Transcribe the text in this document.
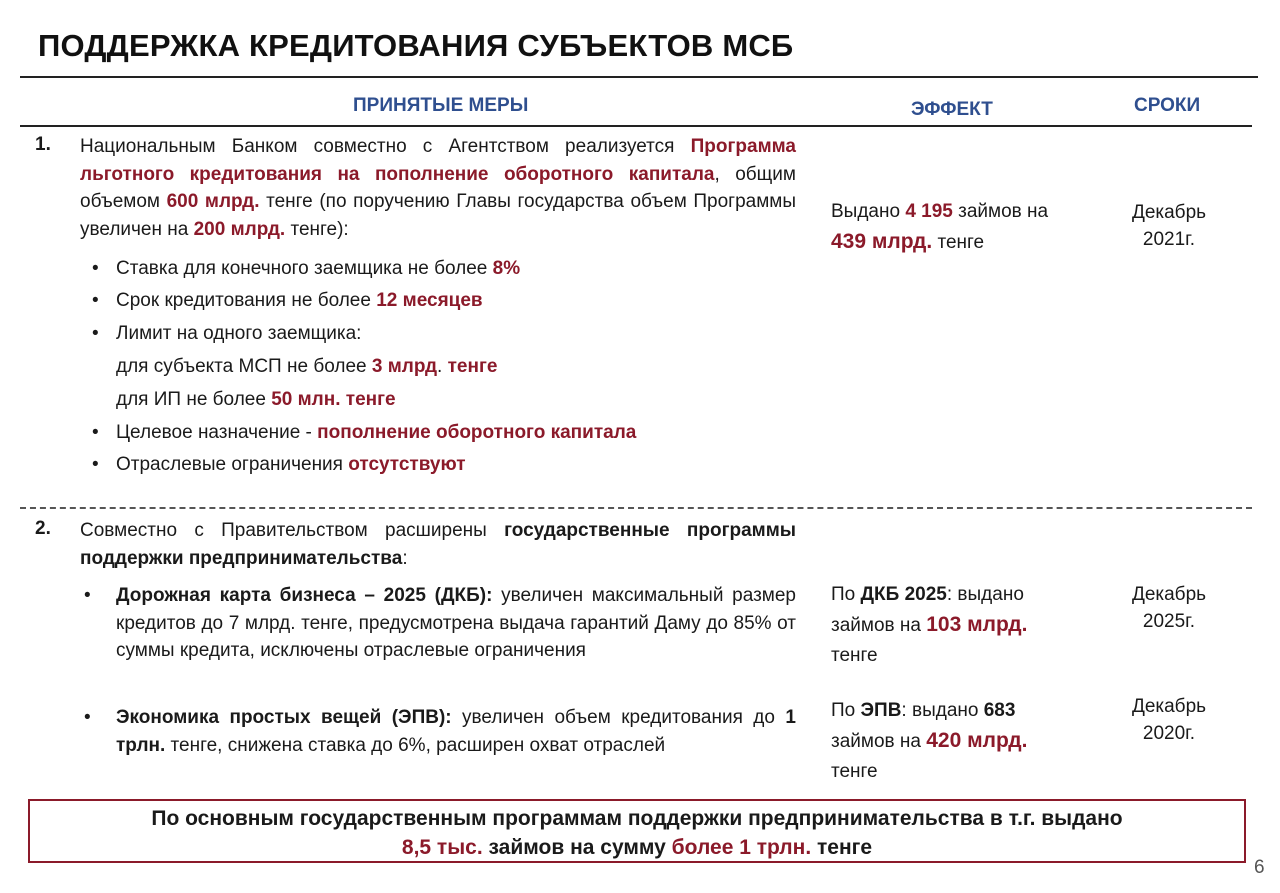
ПОДДЕРЖКА КРЕДИТОВАНИЯ СУБЪЕКТОВ МСБ
ПРИНЯТЫЕ МЕРЫ	ЭФФЕКТ	СРОКИ
1. Национальным Банком совместно с Агентством реализуется Программа льготного кредитования на пополнение оборотного капитала, общим объемом 600 млрд. тенге (по поручению Главы государства объем Программы увеличен на 200 млрд. тенге):
• Ставка для конечного заемщика не более 8%
• Срок кредитования не более 12 месяцев
• Лимит на одного заемщика:
для субъекта МСП не более 3 млрд. тенге
для ИП не более 50 млн. тенге
• Целевое назначение - пополнение оборотного капитала
• Отраслевые ограничения отсутствуют
Выдано 4 195 займов на
439 млрд. тенге
Декабрь
2021г.
2. Совместно с Правительством расширены государственные программы поддержки предпринимательства:
• Дорожная карта бизнеса – 2025 (ДКБ): увеличен максимальный размер кредитов до 7 млрд. тенге, предусмотрена выдача гарантий Даму до 85% от суммы кредита, исключены отраслевые ограничения
• Экономика простых вещей (ЭПВ): увеличен объем кредитования до 1 трлн. тенге, снижена ставка до 6%, расширен охват отраслей
По ДКБ 2025: выдано
займов на 103 млрд.
тенге
Декабрь
2025г.
По ЭПВ: выдано 683
займов на 420 млрд.
тенге
Декабрь
2020г.
По основным государственным программам поддержки предпринимательства в т.г. выдано
8,5 тыс. займов на сумму более 1 трлн. тенге
6
